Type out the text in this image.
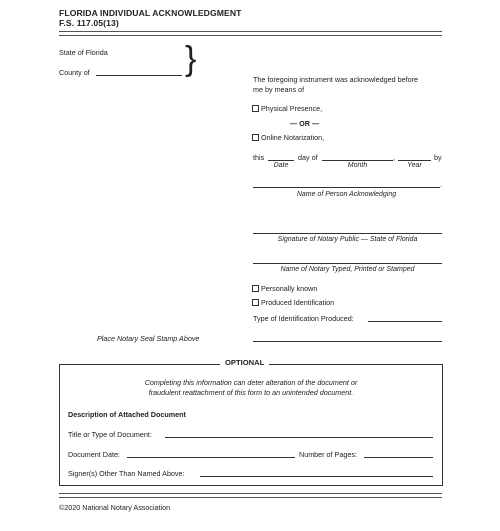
FLORIDA INDIVIDUAL ACKNOWLEDGMENT
F.S. 117.05(13)
State of Florida
County of	}
The foregoing instrument was acknowledged before
me by means of
Physical Presence,
— OR —
Online Notarization,
this	day of	,	by
Date	Month	Year
.
Name of Person Acknowledging
Signature of Notary Public — State of Florida
Name of Notary Typed, Printed or Stamped
Personally known
Produced Identification
Type of Identification Produced:
Place Notary Seal Stamp Above
OPTIONAL
Completing this information can deter alteration of the document or
fraudulent reattachment of this form to an unintended document.
Description of Attached Document
Title or Type of Document:
Document Date:	Number of Pages:
Signer(s) Other Than Named Above:
©2020 National Notary Association
